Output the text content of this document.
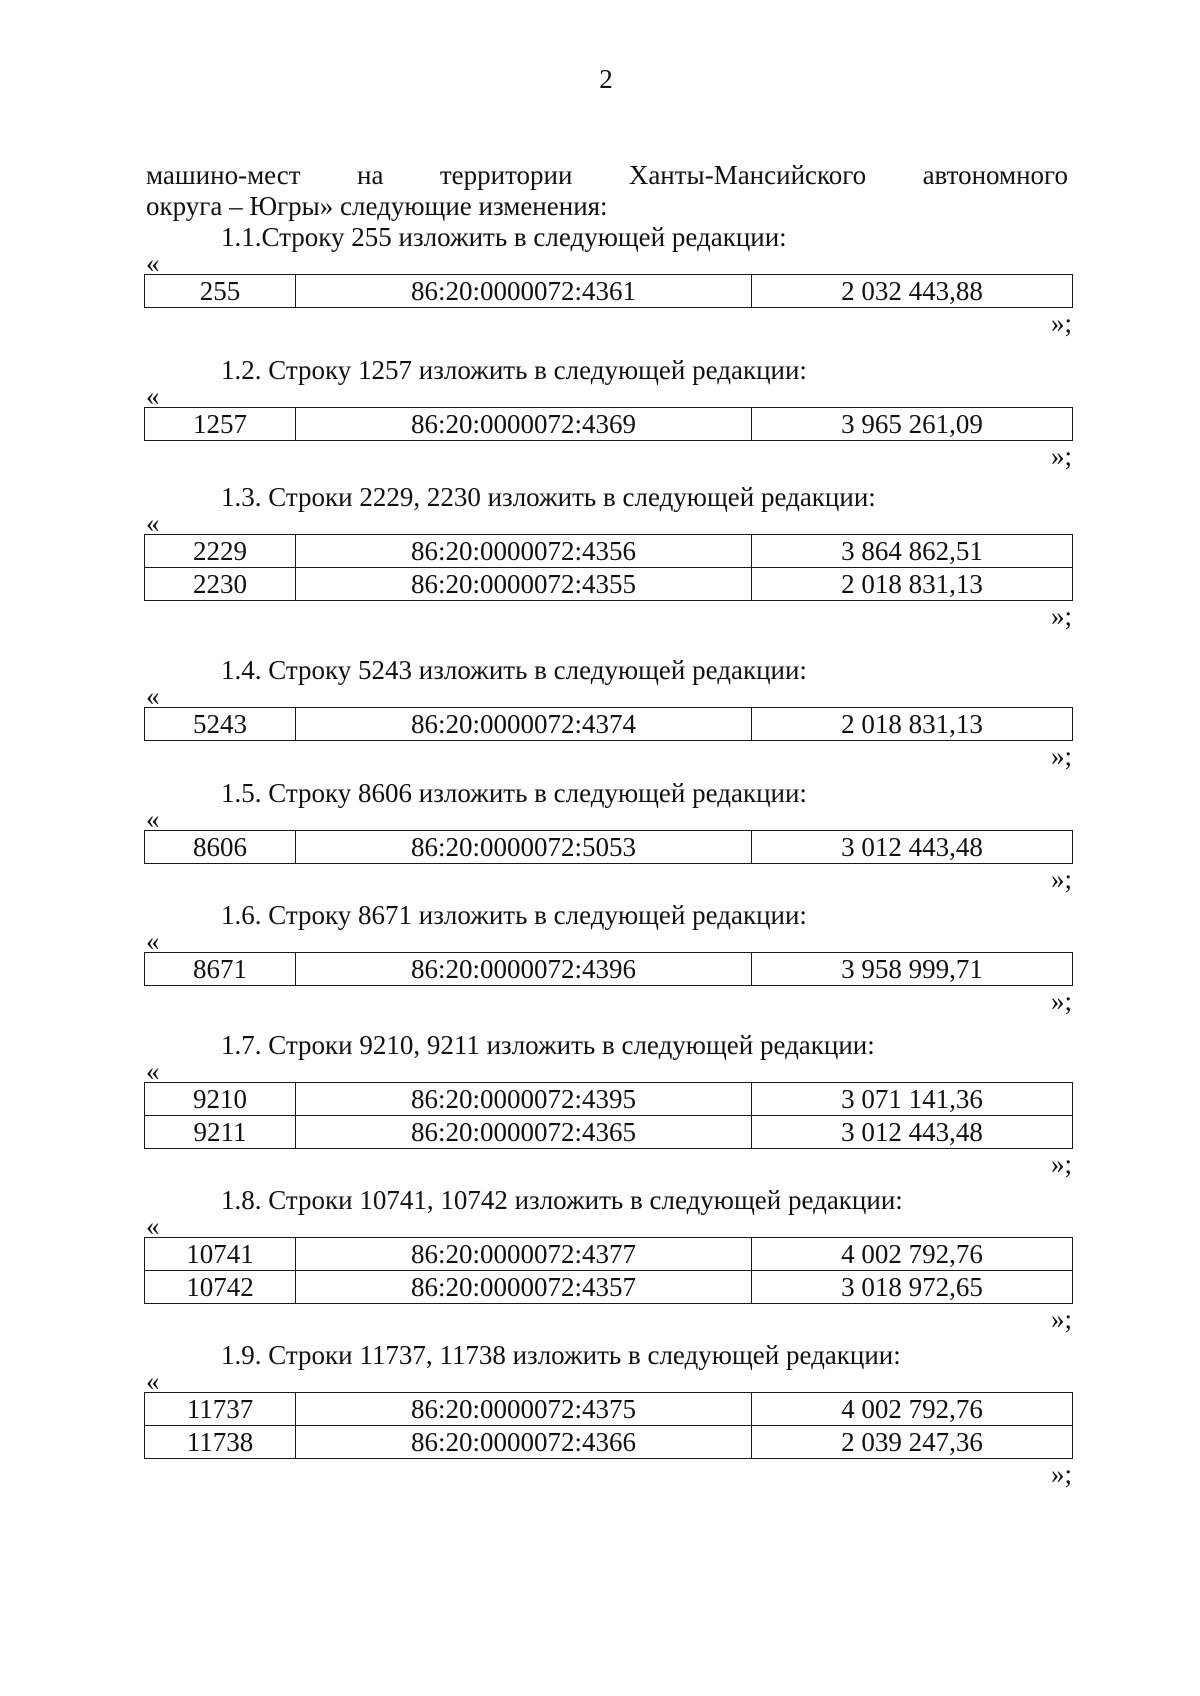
2
машино-мест на территории Ханты-Мансийского автономного
округа – Югры» следующие изменения:
1.1.Строку 255 изложить в следующей редакции:
«
255	86:20:0000072:4361	2 032 443,88
»;
1.2. Строку 1257 изложить в следующей редакции:
«
1257	86:20:0000072:4369	3 965 261,09
»;
1.3. Строки 2229, 2230 изложить в следующей редакции:
«
2229	86:20:0000072:4356	3 864 862,51
2230	86:20:0000072:4355	2 018 831,13
»;
1.4. Строку 5243 изложить в следующей редакции:
«
5243	86:20:0000072:4374	2 018 831,13
»;
1.5. Строку 8606 изложить в следующей редакции:
«
8606	86:20:0000072:5053	3 012 443,48
»;
1.6. Строку 8671 изложить в следующей редакции:
«
8671	86:20:0000072:4396	3 958 999,71
»;
1.7. Строки 9210, 9211 изложить в следующей редакции:
«
9210	86:20:0000072:4395	3 071 141,36
9211	86:20:0000072:4365	3 012 443,48
»;
1.8. Строки 10741, 10742 изложить в следующей редакции:
«
10741	86:20:0000072:4377	4 002 792,76
10742	86:20:0000072:4357	3 018 972,65
»;
1.9. Строки 11737, 11738 изложить в следующей редакции:
«
11737	86:20:0000072:4375	4 002 792,76
11738	86:20:0000072:4366	2 039 247,36
»;
